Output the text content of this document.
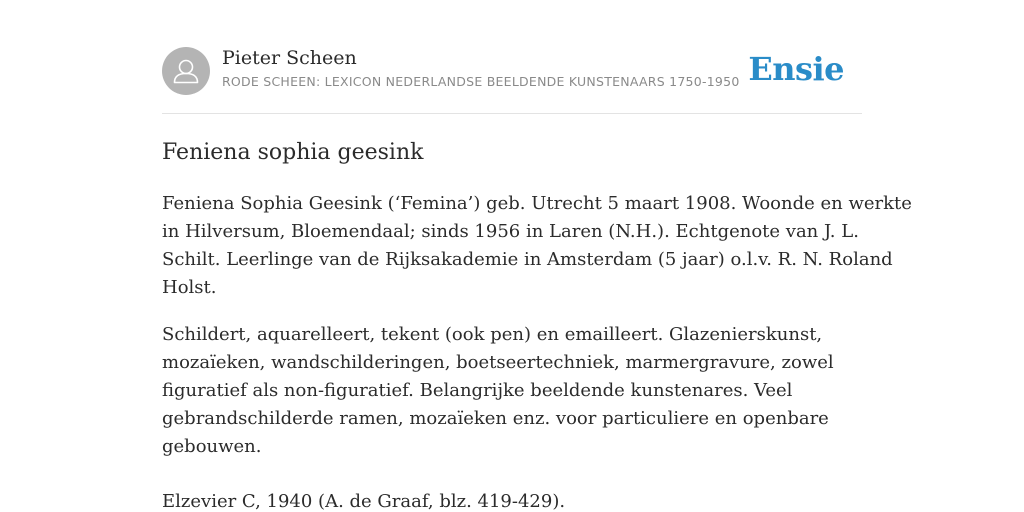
Pieter Scheen
RODE SCHEEN: LEXICON NEDERLANDSE BEELDENDE KUNSTENAARS 1750-1950 Ensie
Feniena sophia geesink

Feniena Sophia Geesink (‘Femina’) geb. Utrecht 5 maart 1908. Woonde en werkte
in Hilversum, Bloemendaal; sinds 1956 in Laren (N.H.). Echtgenote van J. L.
Schilt. Leerlinge van de Rijksakademie in Amsterdam (5 jaar) o.l.v. R. N. Roland
Holst.

Schildert, aquarelleert, tekent (ook pen) en emailleert. Glazenierskunst,
mozaïeken, wandschilderingen, boetseertechniek, marmergravure, zowel
figuratief als non-figuratief. Belangrijke beeldende kunstenares. Veel
gebrandschilderde ramen, mozaïeken enz. voor particuliere en openbare
gebouwen.

Elzevier C, 1940 (A. de Graaf, blz. 419-429).
